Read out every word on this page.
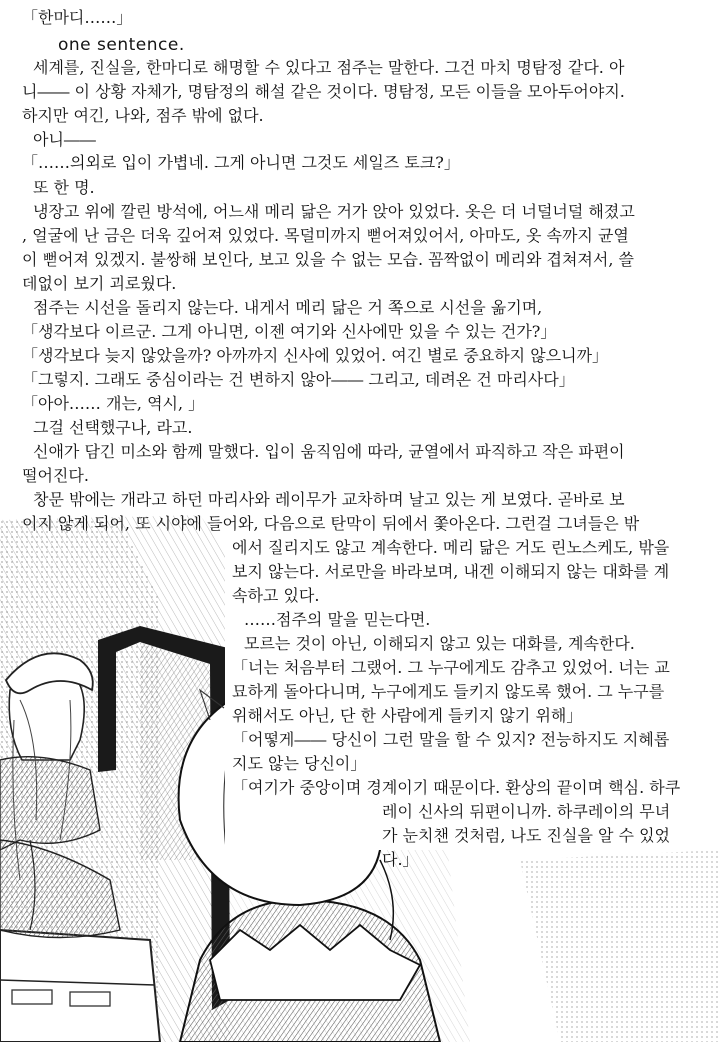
「한마디……」
one sentence.
세계를, 진실을, 한마디로 해명할 수 있다고 점주는 말한다. 그건 마치 명탐정 같다. 아
니―― 이 상황 자체가, 명탐정의 해설 같은 것이다. 명탐정, 모든 이들을 모아두어야지.
하지만 여긴, 나와, 점주 밖에 없다.
아니――
「……의외로 입이 가볍네. 그게 아니면 그것도 세일즈 토크?」
또 한 명.
냉장고 위에 깔린 방석에, 어느새 메리 닮은 거가 앉아 있었다. 옷은 더 너덜너덜 해졌고
, 얼굴에 난 금은 더욱 깊어져 있었다. 목덜미까지 뻗어져있어서, 아마도, 옷 속까지 균열
이 뻗어져 있겠지. 불쌍해 보인다, 보고 있을 수 없는 모습. 꼼짝없이 메리와 겹쳐져서, 쓸
데없이 보기 괴로웠다.
점주는 시선을 돌리지 않는다. 내게서 메리 닮은 거 쪽으로 시선을 옮기며,
「생각보다 이르군. 그게 아니면, 이젠 여기와 신사에만 있을 수 있는 건가?」
「생각보다 늦지 않았을까? 아까까지 신사에 있었어. 여긴 별로 중요하지 않으니까」
「그렇지. 그래도 중심이라는 건 변하지 않아―― 그리고, 데려온 건 마리사다」
「아아…… 개는, 역시, 」
그걸 선택했구나, 라고.
신애가 담긴 미소와 함께 말했다. 입이 움직임에 따라, 균열에서 파직하고 작은 파편이
떨어진다.
창문 밖에는 개라고 하던 마리사와 레이무가 교차하며 날고 있는 게 보였다. 곧바로 보
이지 않게 되어, 또 시야에 들어와, 다음으로 탄막이 뒤에서 쫓아온다. 그런걸 그녀들은 밖
에서 질리지도 않고 계속한다. 메리 닮은 거도 린노스케도, 밖을
보지 않는다. 서로만을 바라보며, 내겐 이해되지 않는 대화를 계
속하고 있다.
……점주의 말을 믿는다면.
모르는 것이 아닌, 이해되지 않고 있는 대화를, 계속한다.
「너는 처음부터 그랬어. 그 누구에게도 감추고 있었어. 너는 교
묘하게 돌아다니며, 누구에게도 들키지 않도록 했어. 그 누구를
위해서도 아닌, 단 한 사람에게 들키지 않기 위해」
「어떻게―― 당신이 그런 말을 할 수 있지? 전능하지도 지혜롭
지도 않는 당신이」
「여기가 중앙이며 경계이기 때문이다. 환상의 끝이며 핵심. 하쿠
레이 신사의 뒤편이니까. 하쿠레이의 무녀
가 눈치챈 것처럼, 나도 진실을 알 수 있었
다.」
